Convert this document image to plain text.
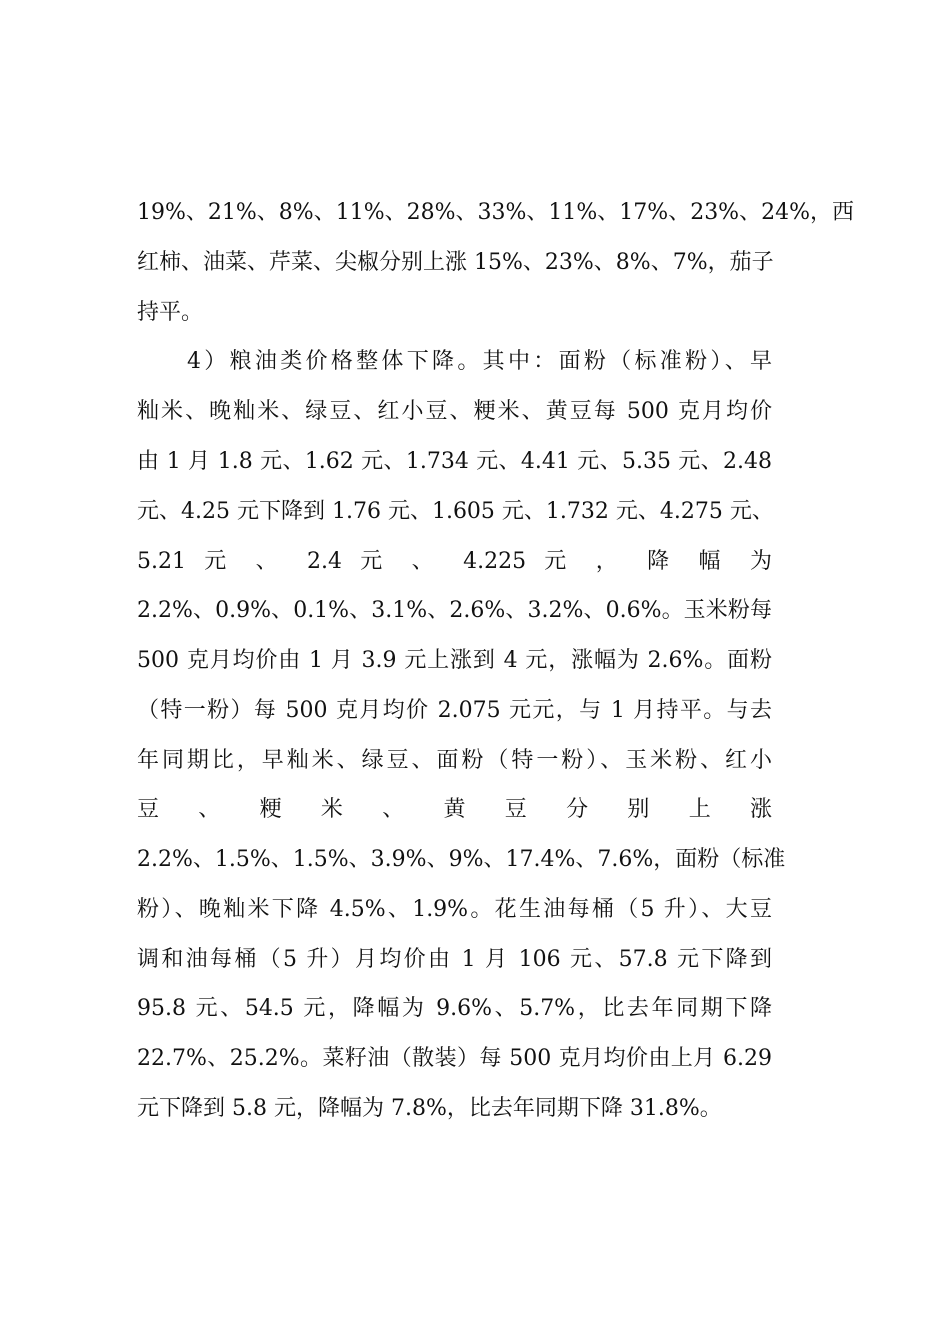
19%、21%、8%、11%、28%、33%、11%、17%、23%、24%，西
红柿、油菜、芹菜、尖椒分别上涨 15%、23%、8%、7%，茄子
持平。
4）粮油类价格整体下降。其中：面粉（标准粉）、早
籼米、晚籼米、绿豆、红小豆、粳米、黄豆每 500 克月均价
由 1 月 1.8 元、1.62 元、1.734 元、4.41 元、5.35 元、2.48
元、4.25 元下降到 1.76 元、1.605 元、1.732 元、4.275 元、
5.21 元 、 2.4 元 、 4.225 元 ， 降 幅 为
2.2%、0.9%、0.1%、3.1%、2.6%、3.2%、0.6%。玉米粉每
500 克月均价由 1 月 3.9 元上涨到 4 元，涨幅为 2.6%。面粉
（特一粉）每 500 克月均价 2.075 元元，与 1 月持平。与去
年同期比，早籼米、绿豆、面粉（特一粉）、玉米粉、红小
豆 、 粳 米 、 黄 豆 分 别 上 涨
2.2%、1.5%、1.5%、3.9%、9%、17.4%、7.6%，面粉（标准
粉）、晚籼米下降 4.5%、1.9%。花生油每桶（5 升）、大豆
调和油每桶（5 升）月均价由 1 月 106 元、57.8 元下降到
95.8 元、54.5 元，降幅为 9.6%、5.7%，比去年同期下降
22.7%、25.2%。菜籽油（散装）每 500 克月均价由上月 6.29
元下降到 5.8 元，降幅为 7.8%，比去年同期下降 31.8%。
